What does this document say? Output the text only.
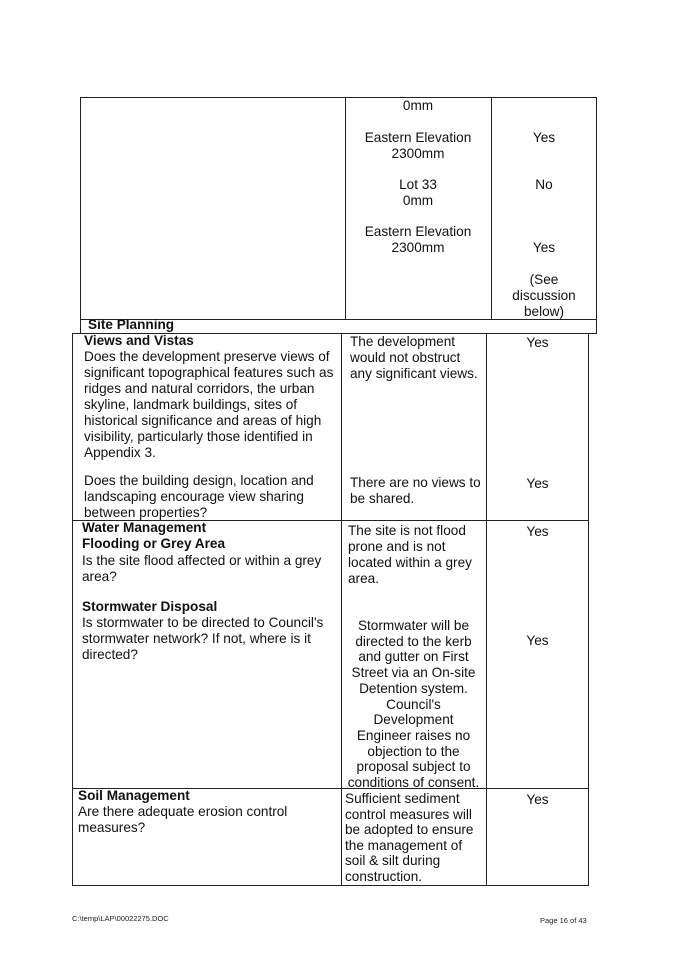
0mm
Eastern Elevation
2300mm
Yes
Lot 33
0mm
No
Eastern Elevation
2300mm	Yes
(See
discussion
below)
Site Planning
Views and Vistas
Does the development preserve views of
significant topographical features such as
ridges and natural corridors, the urban
skyline, landmark buildings, sites of
historical significance and areas of high
visibility, particularly those identified in
Appendix 3.
The development
would not obstruct
any significant views.
Yes
Does the building design, location and
landscaping encourage view sharing
between properties?
There are no views to
be shared.
Yes
Water Management
Flooding or Grey Area
Is the site flood affected or within a grey
area?
The site is not flood
prone and is not
located within a grey
area.
Yes
Stormwater Disposal
Is stormwater to be directed to Council's
stormwater network? If not, where is it
directed?
Stormwater will be
directed to the kerb
and gutter on First
Street via an On-site
Detention system.
Council's
Development
Engineer raises no
objection to the
proposal subject to
conditions of consent.
Yes
Soil Management
Are there adequate erosion control
measures?
Sufficient sediment
control measures will
be adopted to ensure
the management of
soil & silt during
construction.
Yes
C:\temp\LAP\00022275.DOC	Page 16 of 43
